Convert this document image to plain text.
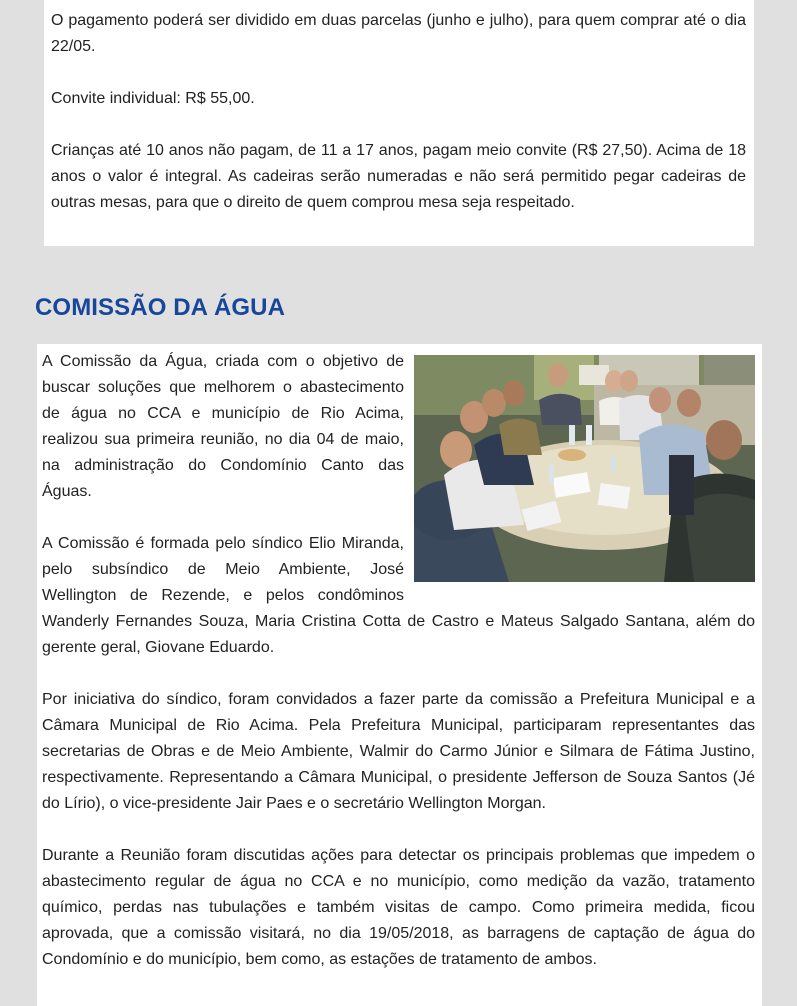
O pagamento poderá ser dividido em duas parcelas (junho e julho), para quem comprar até o dia 22/05.

Convite individual: R$ 55,00.

Crianças até 10 anos não pagam, de 11 a 17 anos, pagam meio convite (R$ 27,50). Acima de 18 anos o valor é integral. As cadeiras serão numeradas e não será permitido pegar cadeiras de outras mesas, para que o direito de quem comprou mesa seja respeitado.

COMISSÃO DA ÁGUA

A Comissão da Água, criada com o objetivo de buscar soluções que melhorem o abastecimento de água no CCA e município de Rio Acima, realizou sua primeira reunião, no dia 04 de maio, na administração do Condomínio Canto das Águas.

A Comissão é formada pelo síndico Elio Miranda, pelo subsíndico de Meio Ambiente, José Wellington de Rezende, e pelos condôminos Wanderly Fernandes Souza, Maria Cristina Cotta de Castro e Mateus Salgado Santana, além do gerente geral, Giovane Eduardo.

Por iniciativa do síndico, foram convidados a fazer parte da comissão a Prefeitura Municipal e a Câmara Municipal de Rio Acima. Pela Prefeitura Municipal, participaram representantes das secretarias de Obras e de Meio Ambiente, Walmir do Carmo Júnior e Silmara de Fátima Justino, respectivamente. Representando a Câmara Municipal, o presidente Jefferson de Souza Santos (Jé do Lírio), o vice-presidente Jair Paes e o secretário Wellington Morgan.

Durante a Reunião foram discutidas ações para detectar os principais problemas que impedem o abastecimento regular de água no CCA e no município, como medição da vazão, tratamento químico, perdas nas tubulações e também visitas de campo. Como primeira medida, ficou aprovada, que a comissão visitará, no dia 19/05/2018, as barragens de captação de água do Condomínio e do município, bem como, as estações de tratamento de ambos.
